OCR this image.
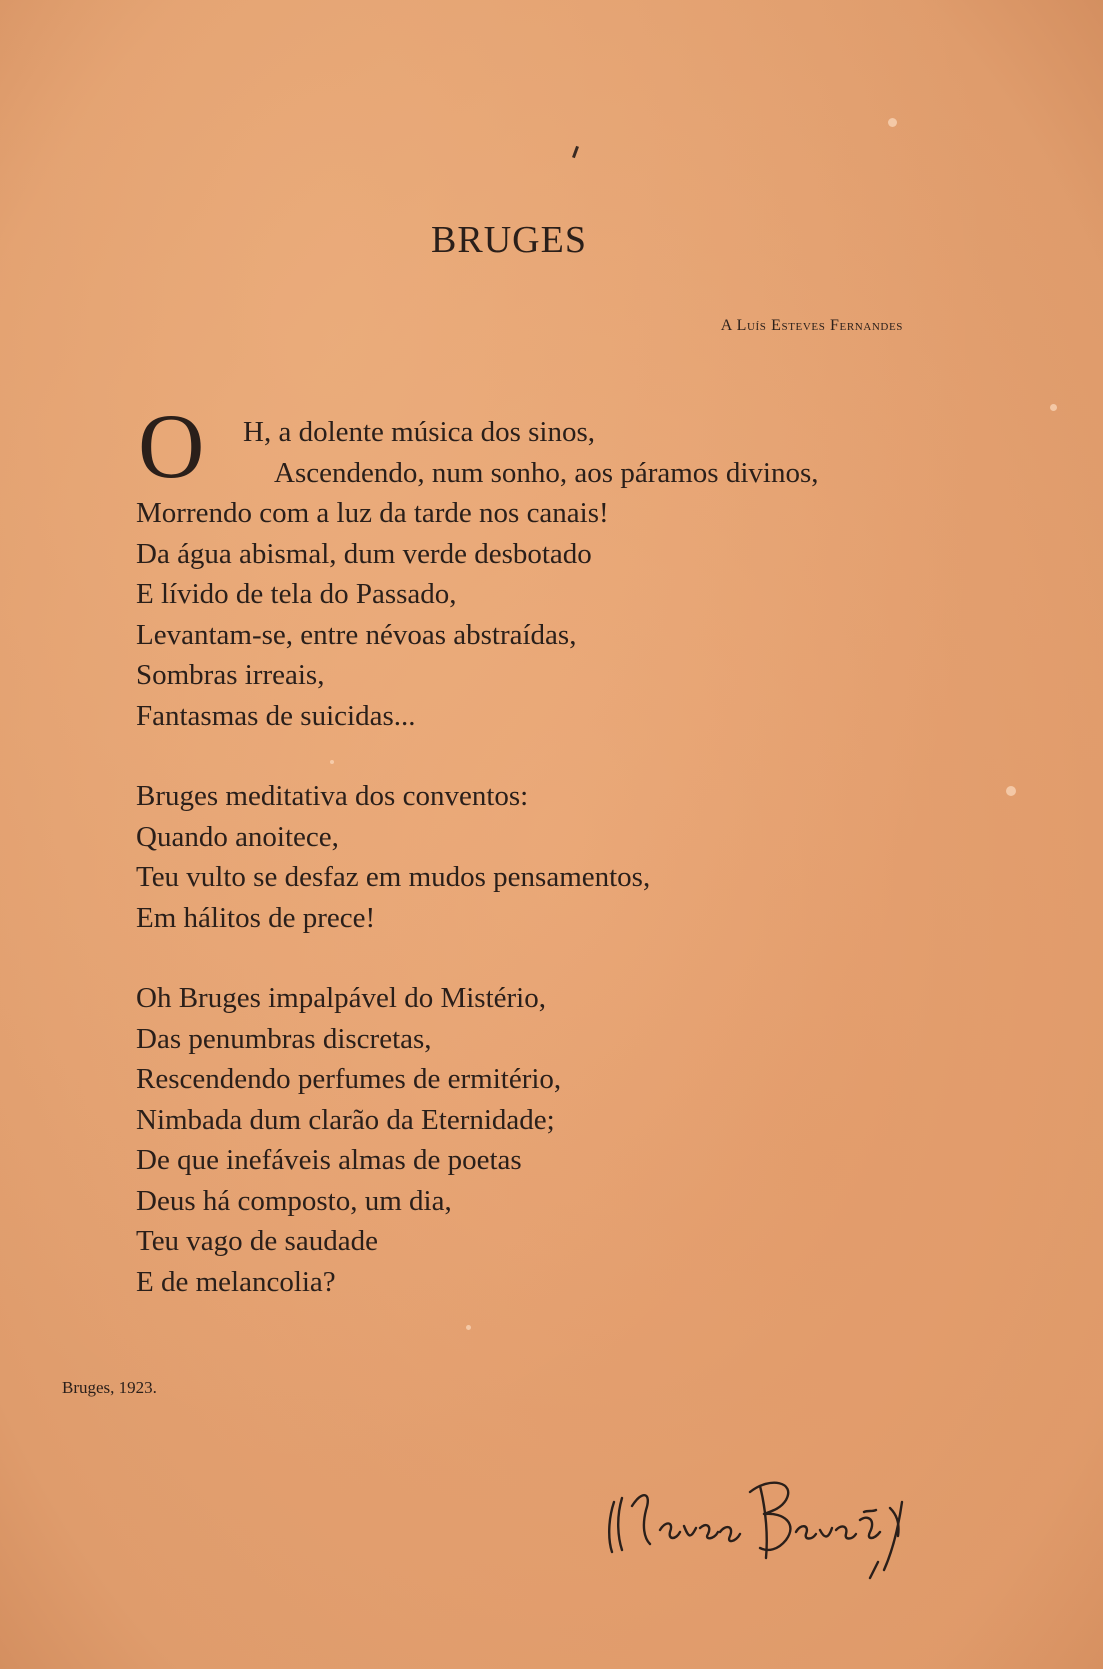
BRUGES
A Luís Esteves Fernandes
O	H, a dolente música dos sinos,
Ascendendo, num sonho, aos páramos divinos,
Morrendo com a luz da tarde nos canais!
Da água abismal, dum verde desbotado
E lívido de tela do Passado,
Levantam-se, entre névoas abstraídas,
Sombras irreais,
Fantasmas de suicidas...
Bruges meditativa dos conventos:
Quando anoitece,
Teu vulto se desfaz em mudos pensamentos,
Em hálitos de prece!
Oh Bruges impalpável do Mistério,
Das penumbras discretas,
Rescendendo perfumes de ermitério,
Nimbada dum clarão da Eternidade;
De que inefáveis almas de poetas
Deus há composto, um dia,
Teu vago de saudade
E de melancolia?
Bruges, 1923.
